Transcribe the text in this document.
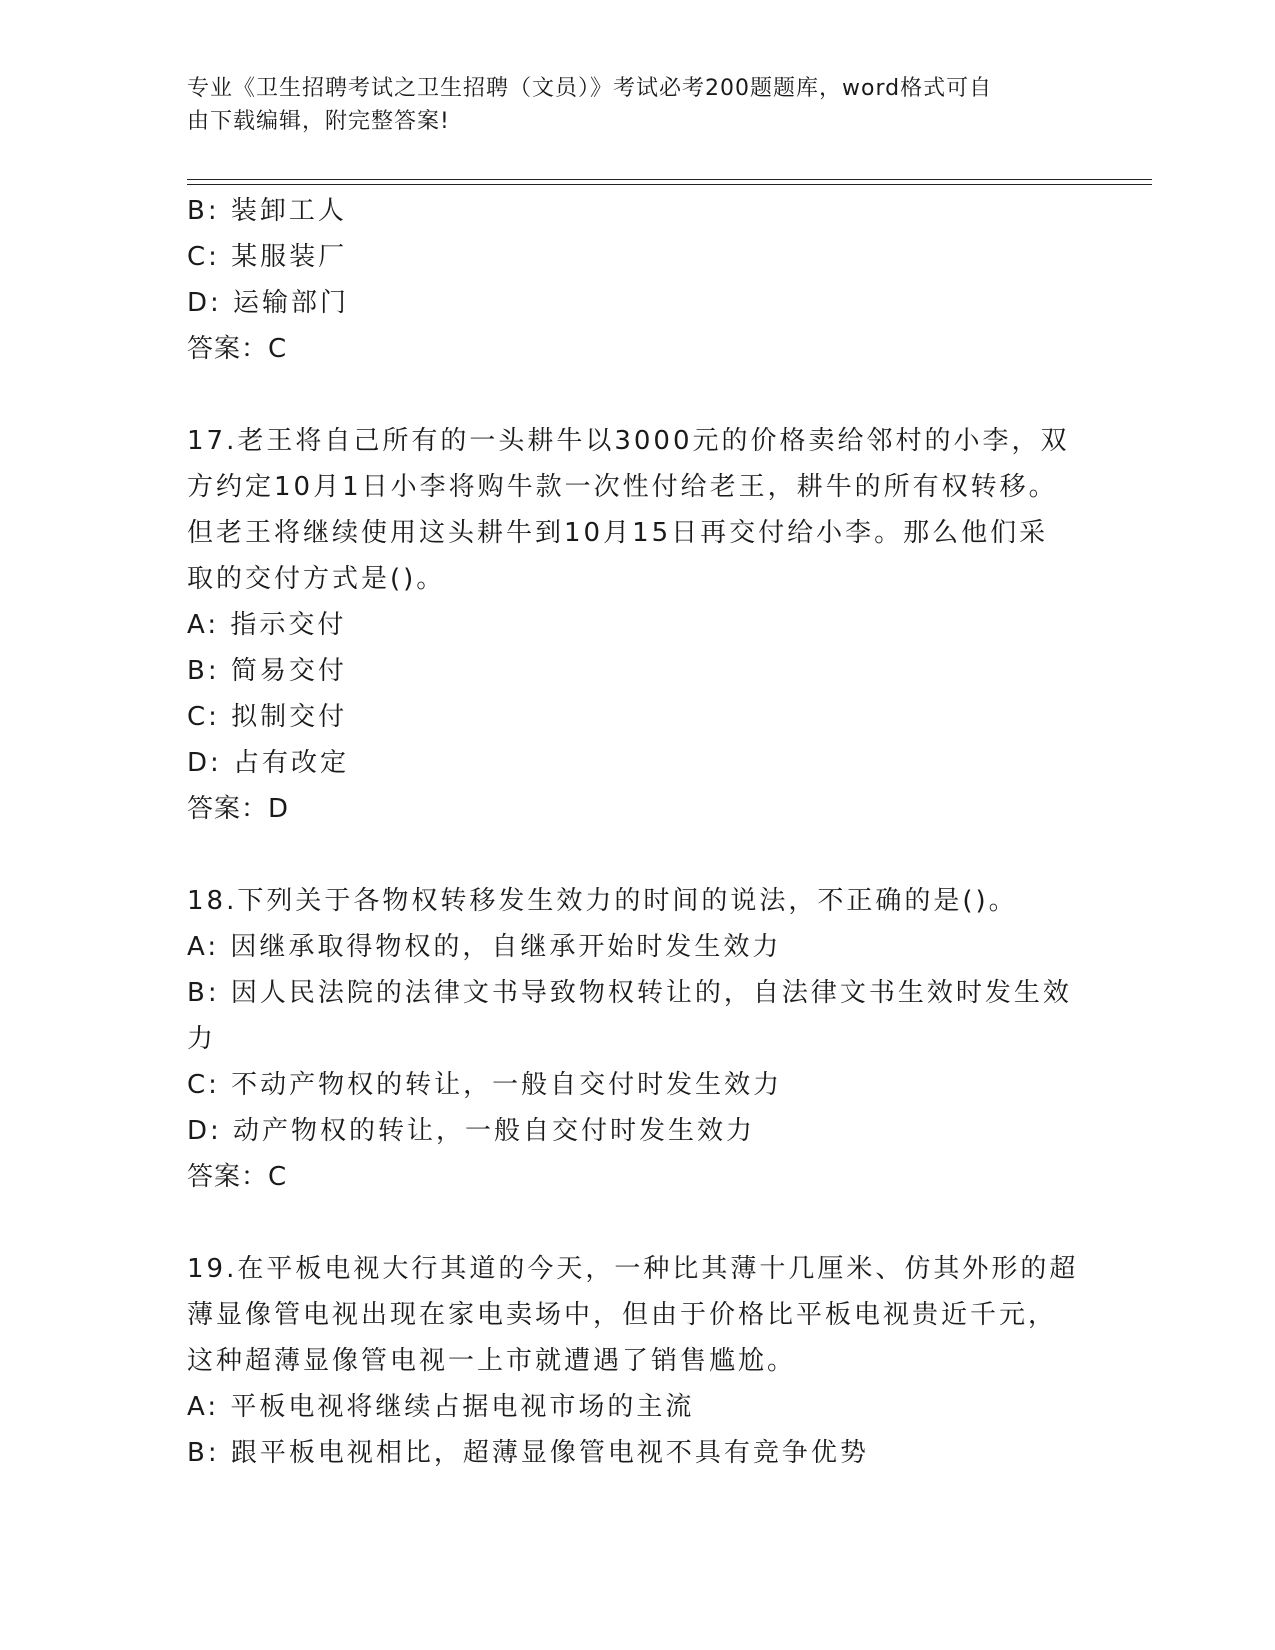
专业《卫生招聘考试之卫生招聘（文员）》考试必考200题题库，word格式可自
由下载编辑，附完整答案!
B: 装卸工人
C: 某服装厂
D: 运输部门
答案：C
17.老王将自己所有的一头耕牛以3000元的价格卖给邻村的小李，双
方约定10月1日小李将购牛款一次性付给老王，耕牛的所有权转移。
但老王将继续使用这头耕牛到10月15日再交付给小李。那么他们采
取的交付方式是()。
A: 指示交付
B: 简易交付
C: 拟制交付
D: 占有改定
答案：D
18.下列关于各物权转移发生效力的时间的说法，不正确的是()。
A: 因继承取得物权的，自继承开始时发生效力
B: 因人民法院的法律文书导致物权转让的，自法律文书生效时发生效
力
C: 不动产物权的转让，一般自交付时发生效力
D: 动产物权的转让，一般自交付时发生效力
答案：C
19.在平板电视大行其道的今天，一种比其薄十几厘米、仿其外形的超
薄显像管电视出现在家电卖场中，但由于价格比平板电视贵近千元，
这种超薄显像管电视一上市就遭遇了销售尴尬。
A: 平板电视将继续占据电视市场的主流
B: 跟平板电视相比，超薄显像管电视不具有竞争优势
